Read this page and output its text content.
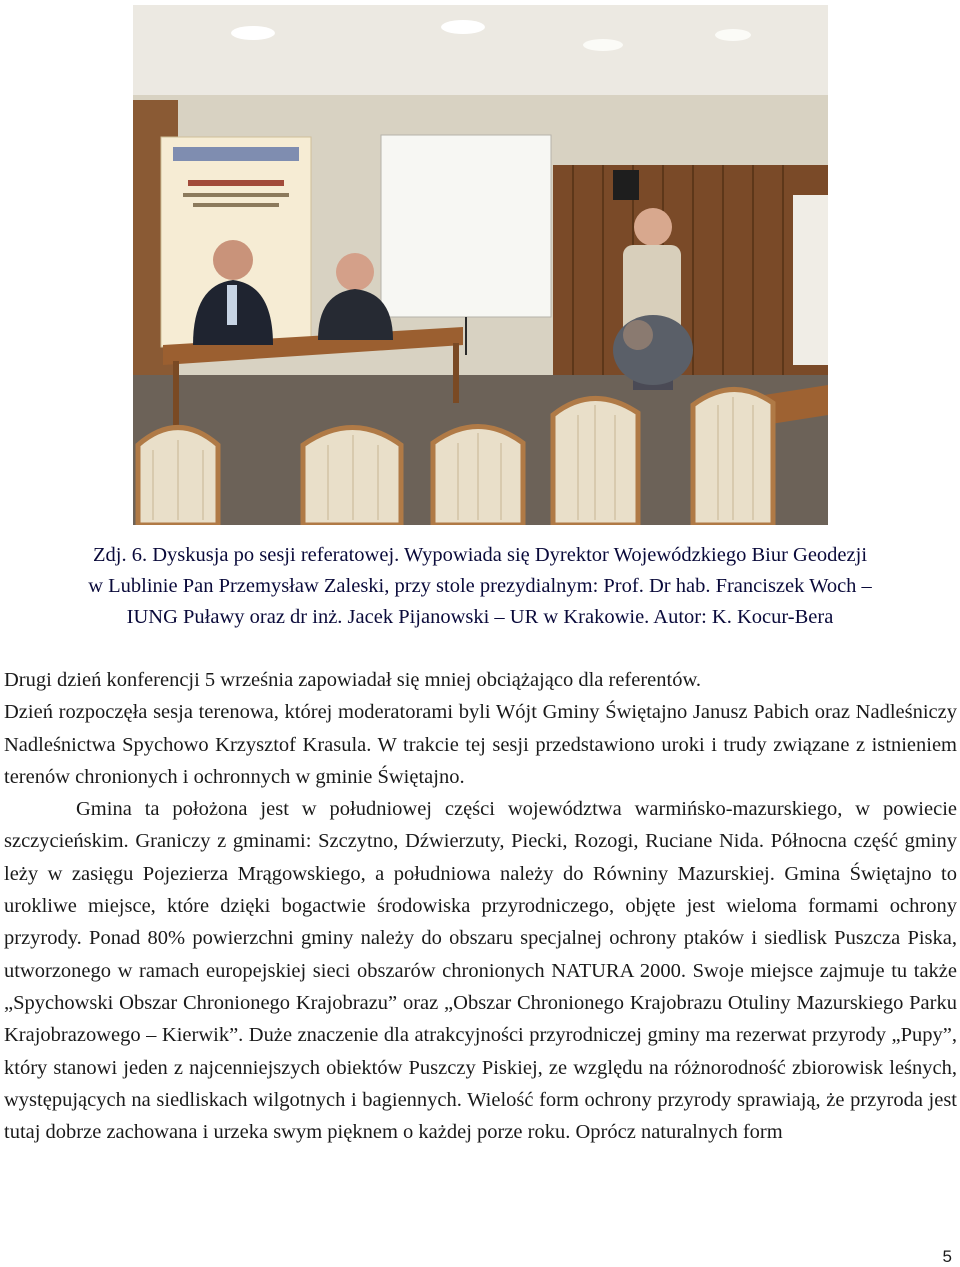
Zdj. 6. Dyskusja po sesji referatowej. Wypowiada się Dyrektor Wojewódzkiego Biur Geodezji
w Lublinie Pan Przemysław Zaleski, przy stole prezydialnym: Prof. Dr hab. Franciszek Woch –
IUNG Puławy oraz dr inż. Jacek Pijanowski – UR w Krakowie. Autor: K. Kocur-Bera

Drugi dzień konferencji 5 września zapowiadał się mniej obciążająco dla referentów.

Dzień rozpoczęła sesja terenowa, której moderatorami byli Wójt Gminy Świętajno Janusz Pabich oraz Nadleśniczy Nadleśnictwa Spychowo Krzysztof Krasula. W trakcie tej sesji przedstawiono uroki i trudy związane z istnieniem terenów chronionych i ochronnych w gminie Świętajno.

Gmina ta położona jest w południowej części województwa warmińsko-mazurskiego, w powiecie szczycieńskim. Graniczy z gminami: Szczytno, Dźwierzuty, Piecki, Rozogi, Ruciane Nida. Północna część gminy leży w zasięgu Pojezierza Mrągowskiego, a południowa należy do Równiny Mazurskiej. Gmina Świętajno to urokliwe miejsce, które dzięki bogactwie środowiska przyrodniczego, objęte jest wieloma formami ochrony przyrody. Ponad 80% powierzchni gminy należy do obszaru specjalnej ochrony ptaków i siedlisk Puszcza Piska, utworzonego w ramach europejskiej sieci obszarów chronionych NATURA 2000. Swoje miejsce zajmuje tu także „Spychowski Obszar Chronionego Krajobrazu” oraz „Obszar Chronionego Krajobrazu Otuliny Mazurskiego Parku Krajobrazowego – Kierwik”. Duże znaczenie dla atrakcyjności przyrodniczej gminy ma rezerwat przyrody „Pupy”, który stanowi jeden z najcenniejszych obiektów Puszczy Piskiej, ze względu na różnorodność zbiorowisk leśnych, występujących na siedliskach wilgotnych i bagiennych. Wielość form ochrony przyrody sprawiają, że przyroda jest tutaj dobrze zachowana i urzeka swym pięknem o każdej porze roku. Oprócz naturalnych form

5
